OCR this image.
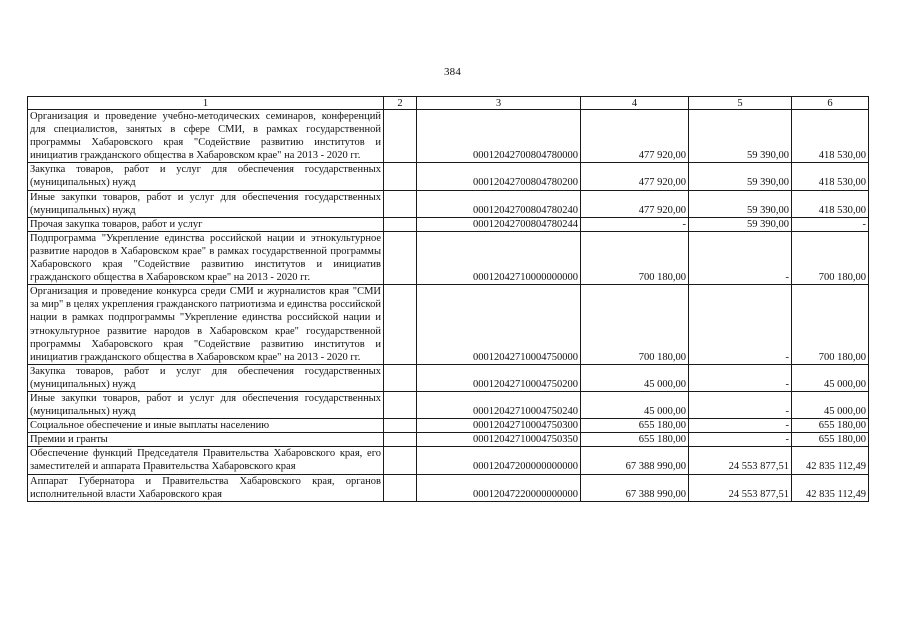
384
1	2	3	4	5	6
Организация и проведение учебно-методических семинаров, конференций для специалистов, занятых в сфере СМИ, в рамках государственной программы Хабаровского края "Содействие развитию институтов и инициатив гражданского общества в Хабаровском крае" на 2013 - 2020 гг.		00012042700804780000	477 920,00	59 390,00	418 530,00
Закупка товаров, работ и услуг для обеспечения государственных (муниципальных) нужд		00012042700804780200	477 920,00	59 390,00	418 530,00
Иные закупки товаров, работ и услуг для обеспечения государственных (муниципальных) нужд		00012042700804780240	477 920,00	59 390,00	418 530,00
Прочая закупка товаров, работ и услуг		00012042700804780244	-	59 390,00	-
Подпрограмма "Укрепление единства российской нации и этнокультурное развитие народов в Хабаровском крае" в рамках государственной программы Хабаровского края "Содействие развитию институтов и инициатив гражданского общества в Хабаровском крае" на 2013 - 2020 гг.		00012042710000000000	700 180,00	-	700 180,00
Организация и проведение конкурса среди СМИ и журналистов края "СМИ за мир" в целях укрепления гражданского патриотизма и единства российской нации в рамках подпрограммы "Укрепление единства российской нации и этнокультурное развитие народов в Хабаровском крае" государственной программы Хабаровского края "Содействие развитию институтов и инициатив гражданского общества в Хабаровском крае" на 2013 - 2020 гг.		00012042710004750000	700 180,00	-	700 180,00
Закупка товаров, работ и услуг для обеспечения государственных (муниципальных) нужд		00012042710004750200	45 000,00	-	45 000,00
Иные закупки товаров, работ и услуг для обеспечения государственных (муниципальных) нужд		00012042710004750240	45 000,00	-	45 000,00
Социальное обеспечение и иные выплаты населению		00012042710004750300	655 180,00	-	655 180,00
Премии и гранты		00012042710004750350	655 180,00	-	655 180,00
Обеспечение функций Председателя Правительства Хабаровского края, его заместителей и аппарата Правительства Хабаровского края		00012047200000000000	67 388 990,00	24 553 877,51	42 835 112,49
Аппарат Губернатора и Правительства Хабаровского края, органов исполнительной власти Хабаровского края		00012047220000000000	67 388 990,00	24 553 877,51	42 835 112,49
